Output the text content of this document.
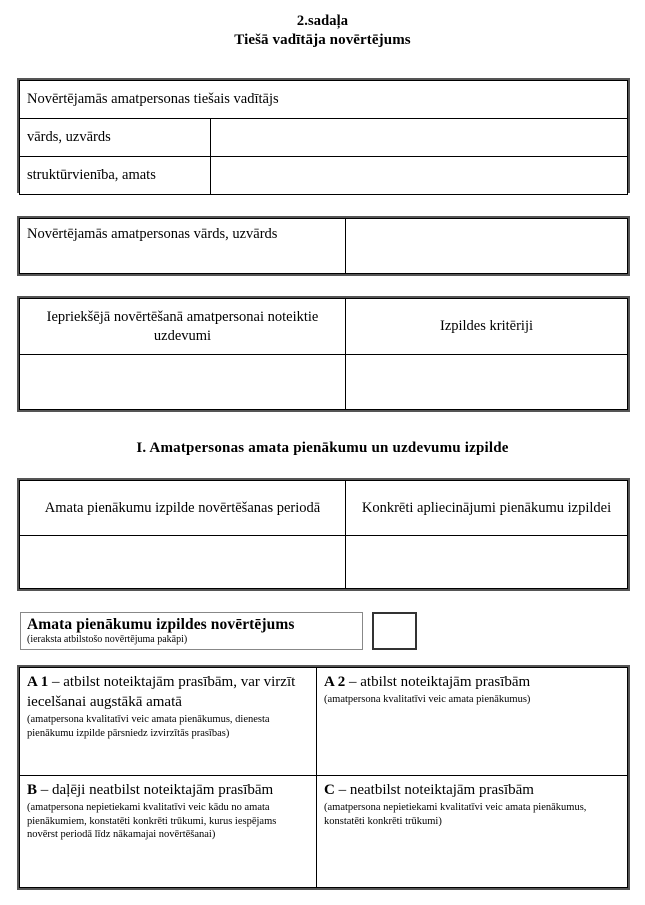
2.sadaļa
Tiešā vadītāja novērtējums
Novērtējamās amatpersonas tiešais vadītājs	
vārds, uzvārds	
struktūrvienība, amats	
Novērtējamās amatpersonas vārds, uzvārds	
Iepriekšējā novērtēšanā amatpersonai noteiktie uzdevumi	Izpildes kritēriji

I. Amatpersonas amata pienākumu un uzdevumu izpilde
Amata pienākumu izpilde novērtēšanas periodā	Konkrēti apliecinājumi pienākumu izpildei

Amata pienākumu izpildes novērtējums
(ieraksta atbilstošo novērtējuma pakāpi)
A 1 – atbilst noteiktajām prasībām, var virzīt iecelšanai augstākā amatā
(amatpersona kvalitatīvi veic amata pienākumus, dienesta pienākumu izpilde pārsniedz izvirzītās prasības)

A 2 – atbilst noteiktajām prasībām
(amatpersona kvalitatīvi veic amata pienākumus)

B – daļēji neatbilst noteiktajām prasībām
(amatpersona nepietiekami kvalitatīvi veic kādu no amata pienākumiem, konstatēti konkrēti trūkumi, kurus iespējams novērst periodā līdz nākamajai novērtēšanai)

C – neatbilst noteiktajām prasībām
(amatpersona nepietiekami kvalitatīvi veic amata pienākumus, konstatēti konkrēti trūkumi)
